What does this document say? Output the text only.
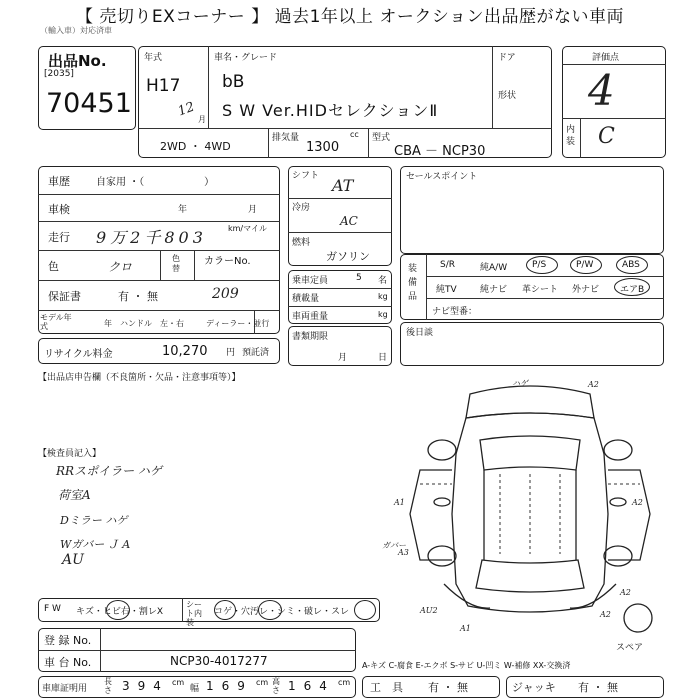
【 売切りEXコーナー 】 過去1年以上 オークション出品歴がない車両
（輸入車）対応済車
出品No.
[2035]
70451
年式
H17
12
月
車名・グレード
bB
S W Ver.HIDセレクションⅡ
ドア
形状
2WD ・ 4WD
排気量	cc
1300
型式
CBA － NCP30
評価点
4
内装 C
車歴	自家用 ・（　　　　　　）
車検	年	月
走行 9万2千803	km/マイル
色	クロ
色替
カラーNo.
209
保証書	有 ・ 無
モデル年式	年 ハンドル　左・右	ディーラー・並行
シフト AT
冷房
AC
燃料
ガソリン
乗車定員	5 名
積載量	kg
車両重量	kg
書類期限
月	日
セールスポイント
装備品
S/R	純A/W	P/S	P/W	ABS
純TV	純ナビ 革シート 外ナビ エアB
ナビ型番：
後日談
リサイクル料金	10,270 円 預託済
【出品店申告欄（不良箇所・欠品・注意事項等）】
【検査員記入】
RRスポイラー ハゲ
荷室A
Dミラー ハゲ
Wガバー Ｊ A
AU
ハゲ	A2
A1	A2
ガバー
A3
A2
AU2
A1
A2
スペア
F W キズ・ヒビ右・割レX
シート内装
コゲ・穴汚レ・シミ・破レ・スレ
登 録 No.
車 台 No.	NCP30-4017277	A-キズ C-腐食 E-エクボ S-サビ U-凹ミ W-補修 XX-交換済
車庫証明用
長さ 394 cm
幅 169 cm 高さ 164 cm 工　具 有 ・ 無	ジャッキ 有 ・ 無
